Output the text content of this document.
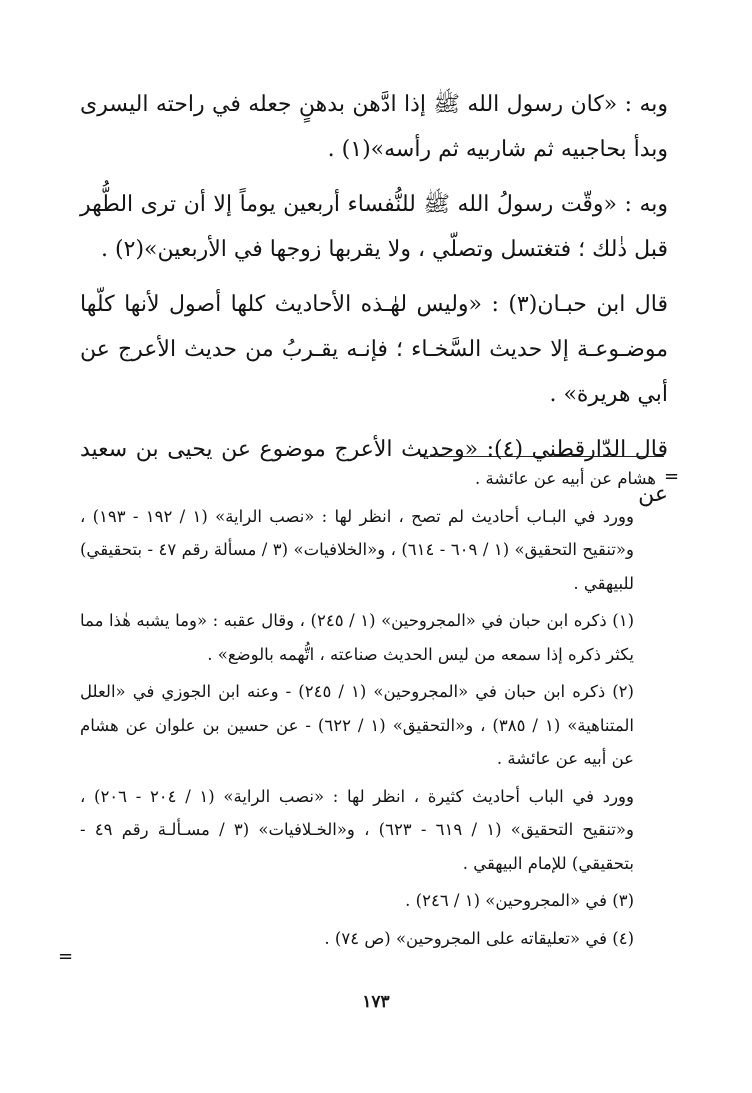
وبه : «كان رسول الله ﷺ إذا ادَّهن بدهنٍ جعله في راحته اليسرى وبدأ بحاجبيه ثم شاربيه ثم رأسه»(١) .

وبه : «وقّت رسولُ الله ﷺ للنُّفساء أربعين يوماً إلا أن ترى الطُّهر قبل ذٰلك ؛ فتغتسل وتصلّي ، ولا يقربها زوجها في الأربعين»(٢) .

قال ابن حبـان(٣) : «وليس لهٰـذه الأحاديث كلها أصول لأنها كلّها موضـوعـة إلا حديث السَّخـاء ؛ فإنـه يقـربُ من حديث الأعرج عن أبي هريرة» .

قال الدّارقطني (٤): «وحديث الأعرج موضوع عن يحيى بن سعيد عن

=

هشام عن أبيه عن عائشة .

وورد في البـاب أحاديث لم تصح ، انظر لها : «نصب الراية» (١ / ١٩٢ - ١٩٣) ، و«تنقيح التحقيق» (١ / ٦٠٩ - ٦١٤) ، و«الخلافيات» (٣ / مسألة رقم ٤٧ - بتحقيقي) للبيهقي .

(١) ذكره ابن حبان في «المجروحين» (١ / ٢٤٥) ، وقال عقبه : «وما يشبه هٰذا مما يكثر ذكره إذا سمعه من ليس الحديث صناعته ، اتُّهمه بالوضع» .

(٢) ذكره ابن حبان في «المجروحين» (١ / ٢٤٥) - وعنه ابن الجوزي في «العلل المتناهية» (١ / ٣٨٥) ، و«التحقيق» (١ / ٦٢٢) - عن حسين بن علوان عن هشام عن أبيه عن عائشة .

وورد في الباب أحاديث كثيرة ، انظر لها : «نصب الراية» (١ / ٢٠٤ - ٢٠٦) ، و«تنقيح التحقيق» (١ / ٦١٩ - ٦٢٣) ، و«الخـلافيات» (٣ / مسـألـة رقم ٤٩ - بتحقيقي) للإمام البيهقي .

(٣) في «المجروحين» (١ / ٢٤٦) .

(٤) في «تعليقاته على المجروحين» (ص ٧٤) .

=
١٧٣
